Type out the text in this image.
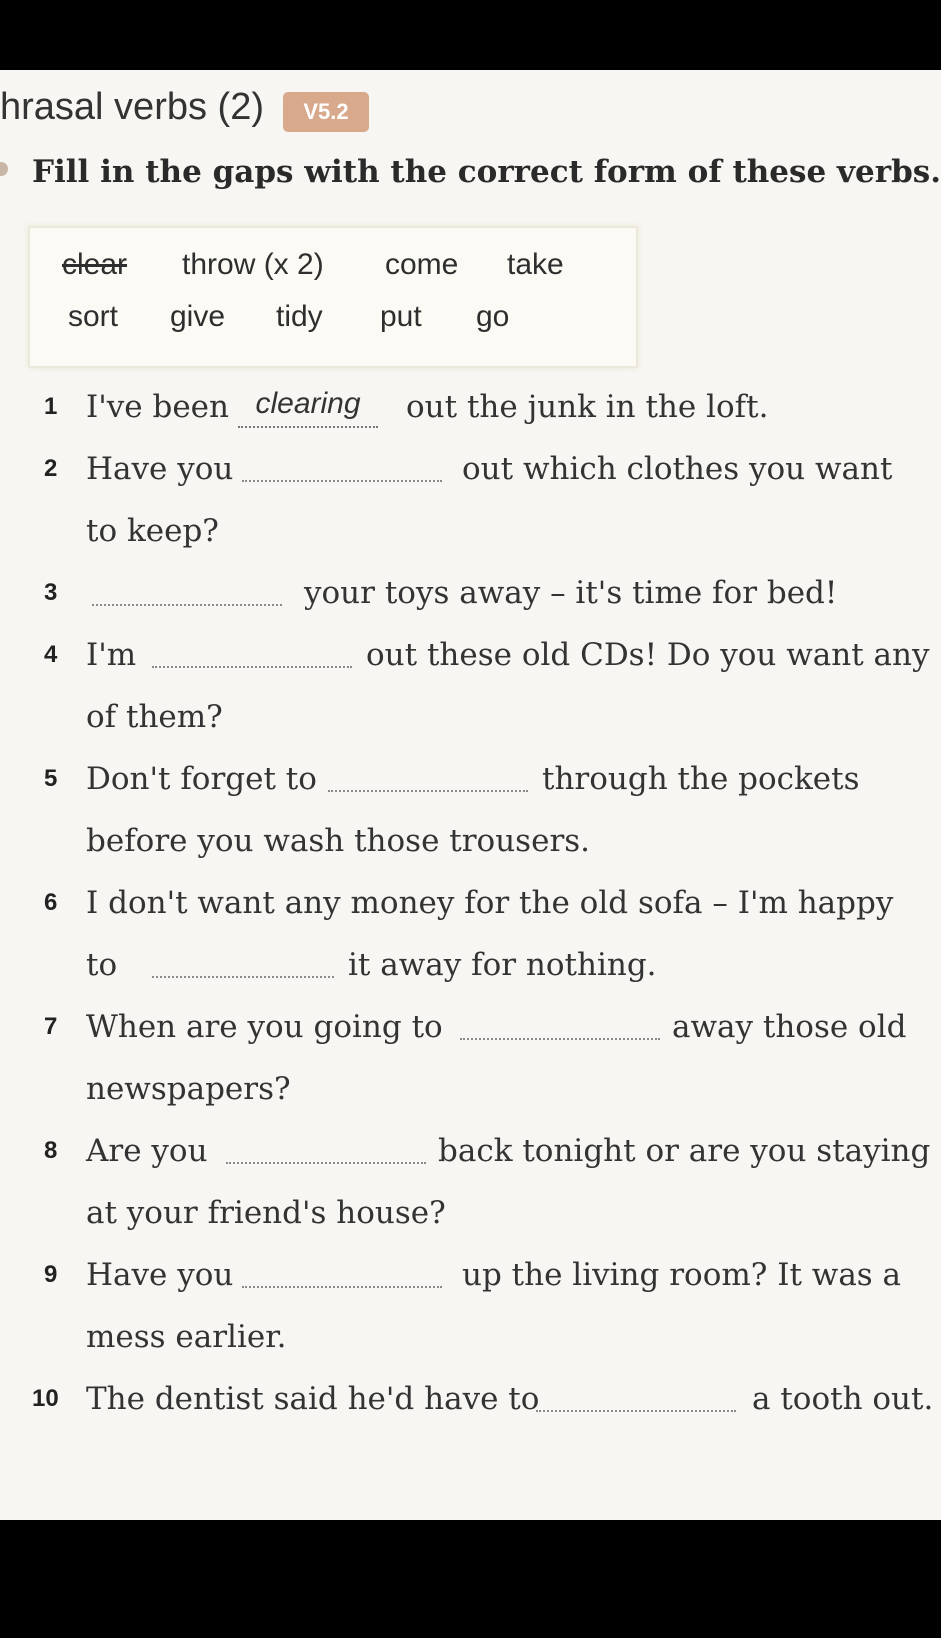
hrasal verbs (2)	V5.2
Fill in the gaps with the correct form of these verbs.
clear throw (x 2) come take
sort give tidy put go
1 I've been clearing	out the junk in the loft.
2 Have you	out which clothes you want
to keep?
3	your toys away – it's time for bed!
4 I'm	out these old CDs! Do you want any
of them?
5 Don't forget to	through the pockets
before you wash those trousers.
6 I don't want any money for the old sofa – I'm happy
to	it away for nothing.
7 When are you going to	away those old
newspapers?
8 Are you	back tonight or are you staying
at your friend's house?
9 Have you	up the living room? It was a
mess earlier.
10 The dentist said he'd have to	a tooth out.
